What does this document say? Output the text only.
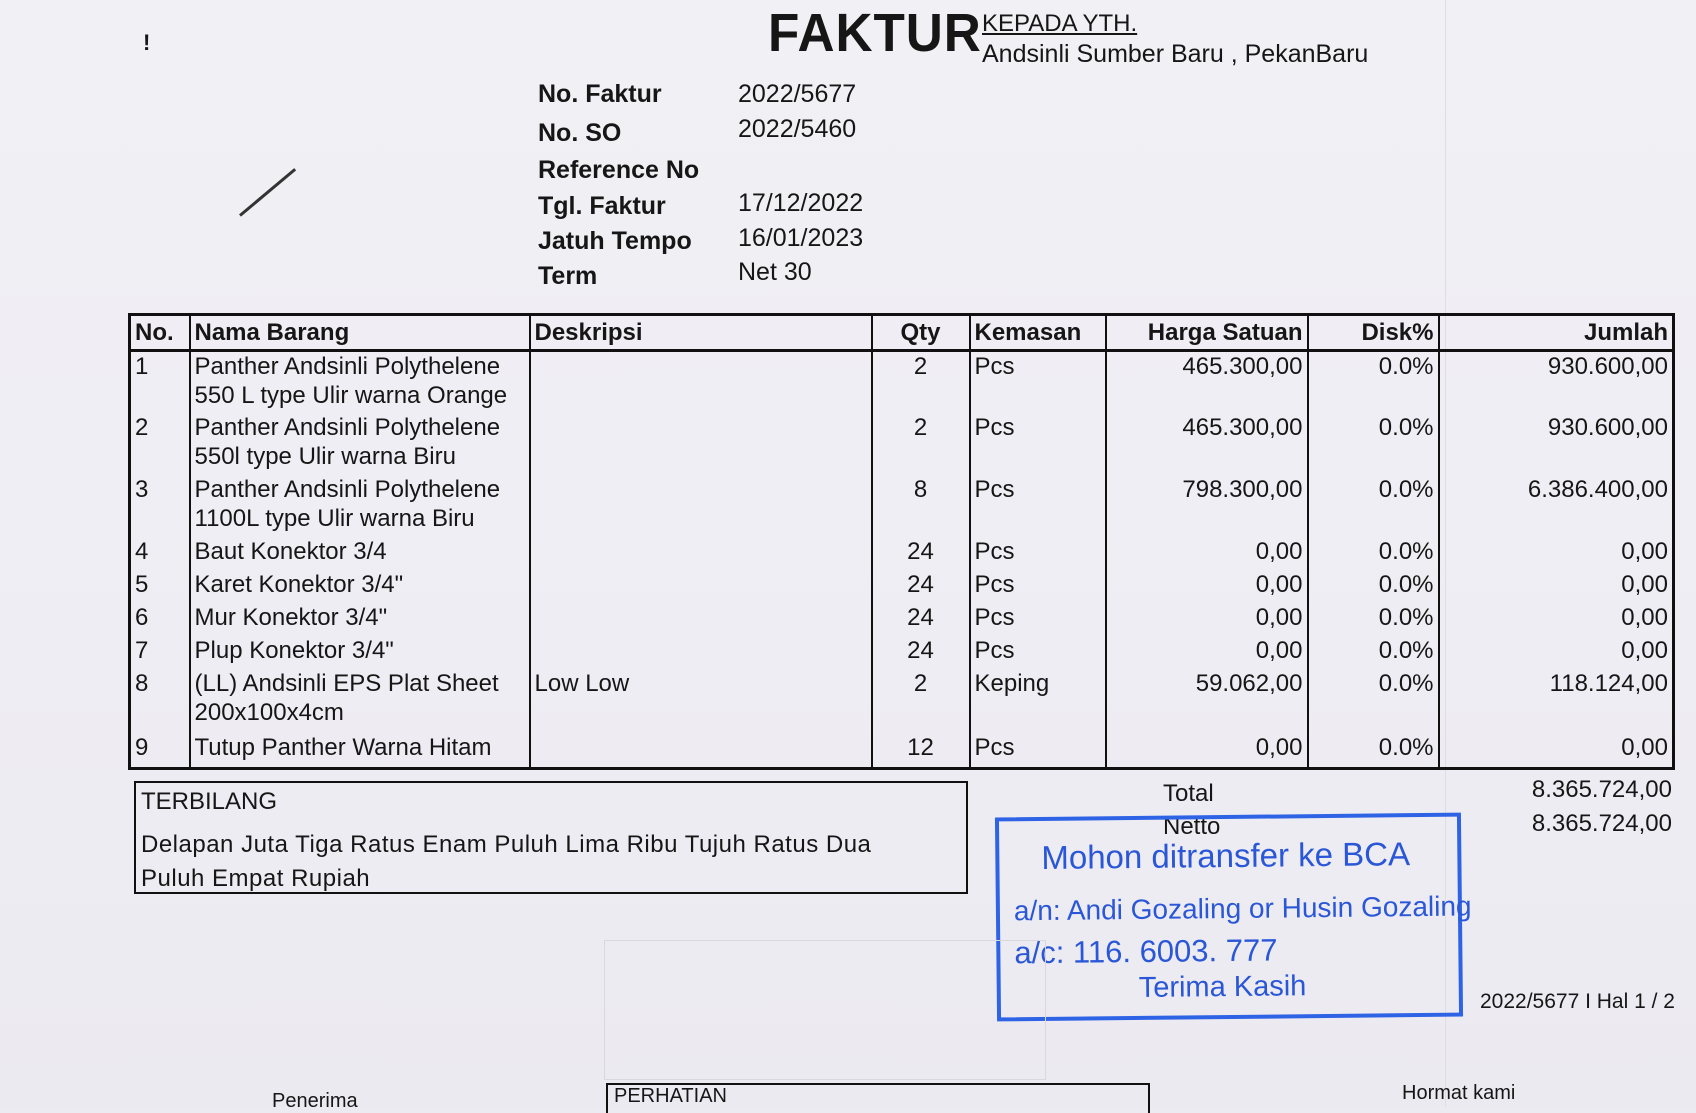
!	FAKTUR KEPADA YTH.
Andsinli Sumber Baru , PekanBaru
No. Faktur	2022/5677
No. SO	2022/5460
Reference No
Tgl. Faktur	17/12/2022
Jatuh Tempo 16/01/2023
Term	Net 30
No.	Nama Barang	Deskripsi	Qty	Kemasan	Harga Satuan	Disk%	Jumlah
1	Panther Andsinli Polythelene
550 L type Ulir warna Orange		2	Pcs	465.300,00	0.0%	930.600,00
2	Panther Andsinli Polythelene
550l type Ulir warna Biru		2	Pcs	465.300,00	0.0%	930.600,00
3	Panther Andsinli Polythelene
1100L type Ulir warna Biru		8	Pcs	798.300,00	0.0%	6.386.400,00
4	Baut Konektor 3/4		24	Pcs	0,00	0.0%	0,00
5	Karet Konektor 3/4"		24	Pcs	0,00	0.0%	0,00
6	Mur Konektor 3/4"		24	Pcs	0,00	0.0%	0,00
7	Plup Konektor 3/4"		24	Pcs	0,00	0.0%	0,00
8	(LL) Andsinli EPS Plat Sheet
200x100x4cm	Low Low	2	Keping	59.062,00	0.0%	118.124,00
9	Tutup Panther Warna Hitam		12	Pcs	0,00	0.0%	0,00
TERBILANG
Delapan Juta Tiga Ratus Enam Puluh Lima Ribu Tujuh Ratus Dua
Puluh Empat Rupiah
Total	8.365.724,00
Netto	8.365.724,00
Mohon ditransfer ke BCA
a/n: Andi Gozaling or Husin Gozaling
a/c: 116. 6003. 777
Terima Kasih	2022/5677 I Hal 1 / 2
Penerima	PERHATIAN	Hormat kami
